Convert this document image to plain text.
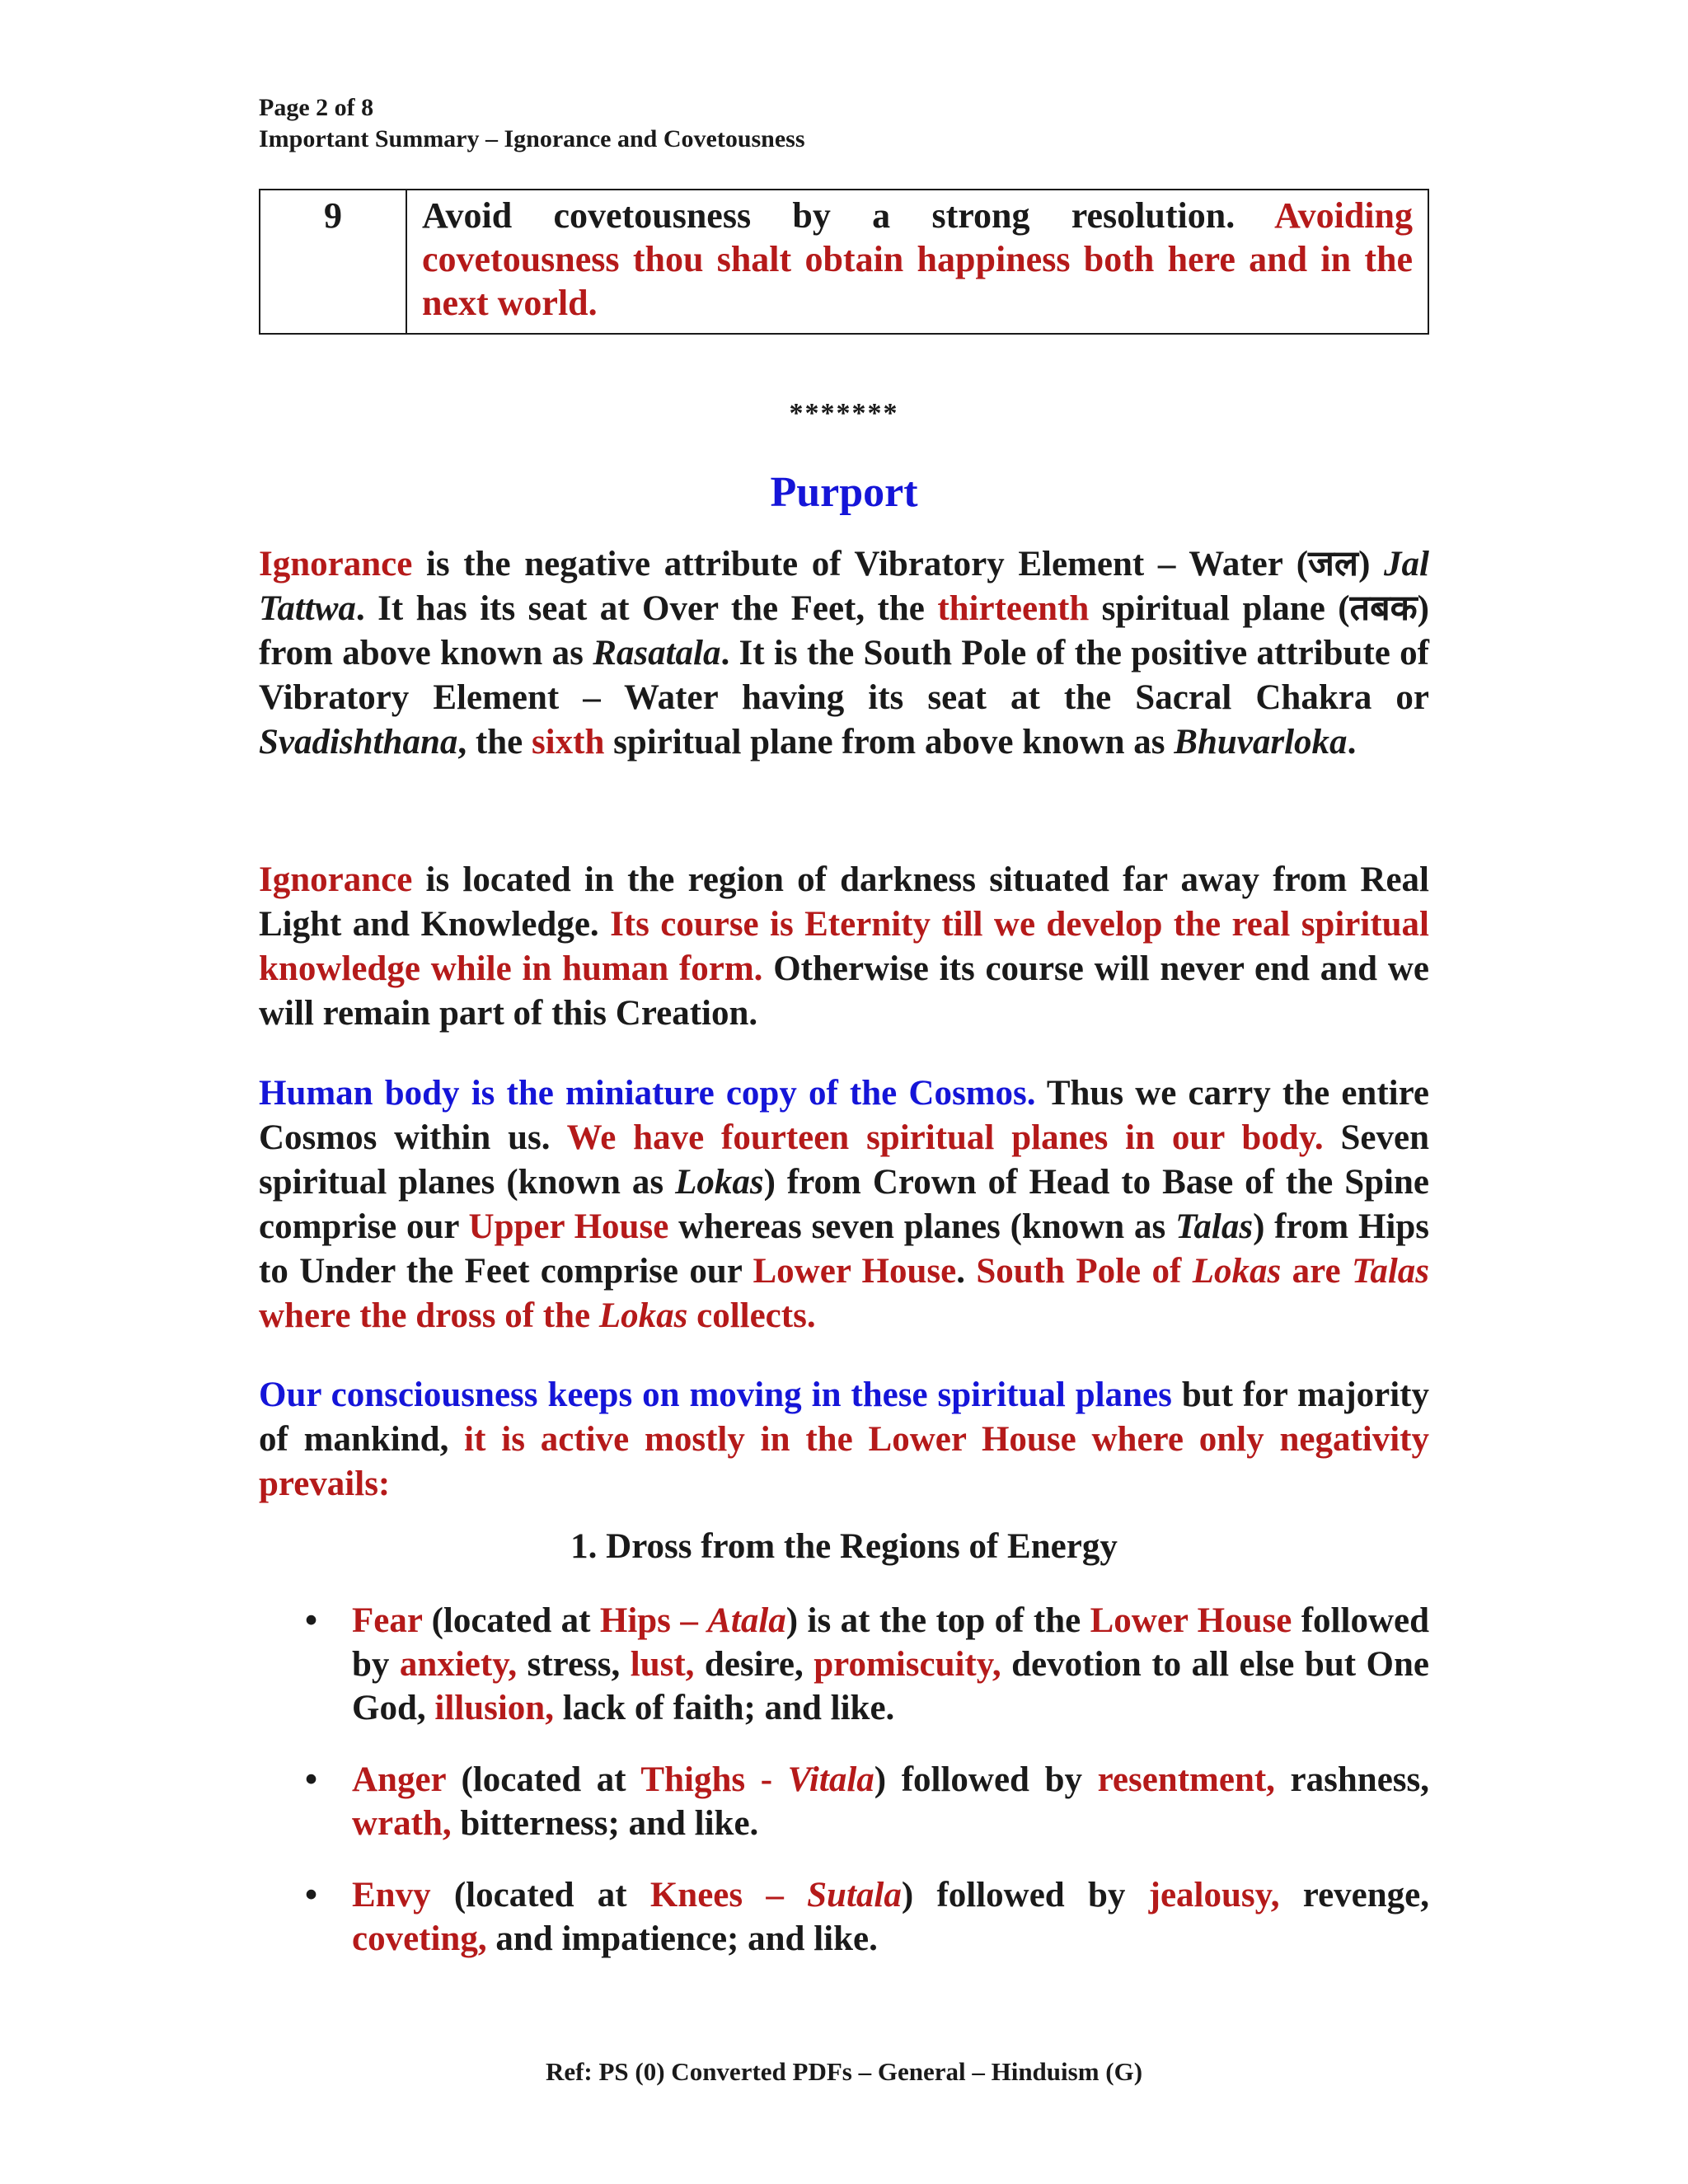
Page 2 of 8
Important Summary – Ignorance and Covetousness
9	Avoid covetousness by a strong resolution. Avoiding covetousness thou shalt obtain happiness both here and in the next world.
*******
Purport

Ignorance is the negative attribute of Vibratory Element – Water (जल) Jal Tattwa. It has its seat at Over the Feet, the thirteenth spiritual plane (तबक) from above known as Rasatala. It is the South Pole of the positive attribute of Vibratory Element – Water having its seat at the Sacral Chakra or Svadishthana, the sixth spiritual plane from above known as Bhuvarloka.

Ignorance is located in the region of darkness situated far away from Real Light and Knowledge. Its course is Eternity till we develop the real spiritual knowledge while in human form. Otherwise its course will never end and we will remain part of this Creation.

Human body is the miniature copy of the Cosmos. Thus we carry the entire Cosmos within us. We have fourteen spiritual planes in our body. Seven spiritual planes (known as Lokas) from Crown of Head to Base of the Spine comprise our Upper House whereas seven planes (known as Talas) from Hips to Under the Feet comprise our Lower House. South Pole of Lokas are Talas where the dross of the Lokas collects.

Our consciousness keeps on moving in these spiritual planes but for majority of mankind, it is active mostly in the Lower House where only negativity prevails:

1. Dross from the Regions of Energy
• Fear (located at Hips – Atala) is at the top of the Lower House followed by anxiety, stress, lust, desire, promiscuity, devotion to all else but One God, illusion, lack of faith; and like.
• Anger (located at Thighs - Vitala) followed by resentment, rashness, wrath, bitterness; and like.
• Envy (located at Knees – Sutala) followed by jealousy, revenge, coveting, and impatience; and like.
Ref: PS (0) Converted PDFs – General – Hinduism (G)
